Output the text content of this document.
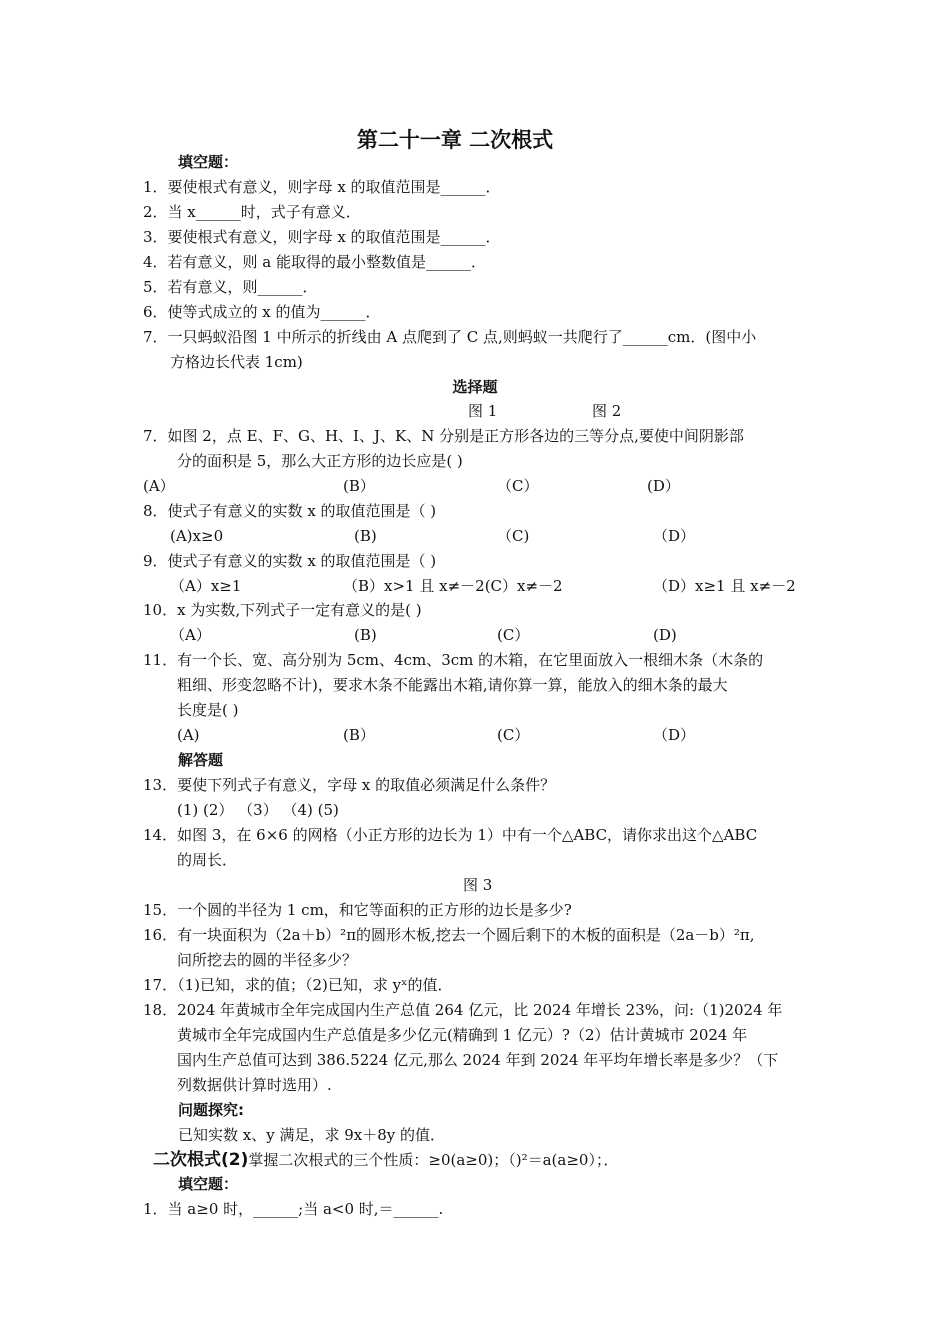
第二十一章 二次根式
填空题：
1．要使根式有意义，则字母 x 的取值范围是______．
2．当 x______时，式子有意义．
3．要使根式有意义，则字母 x 的取值范围是______．
4．若有意义，则 a 能取得的最小整数值是______．
5．若有意义，则______．
6．使等式成立的 x 的值为______．
7．一只蚂蚁沿图 1 中所示的折线由 A 点爬到了 C 点,则蚂蚁一共爬行了______cm．(图中小
方格边长代表 1cm)
选择题
图 1	图 2
7．如图 2，点 E、F、G、H、I、J、K、N 分别是正方形各边的三等分点,要使中间阴影部
分的面积是 5，那么大正方形的边长应是( )
(A）	(B）	（C）	(D）
8．使式子有意义的实数 x 的取值范围是（ )
(A)x≥0	(B)	（C)	（D）
9．使式子有意义的实数 x 的取值范围是（ )
（A）x≥1	（B）x>1 且 x≠－2(C）x≠－2	（D）x≥1 且 x≠－2
10．x 为实数,下列式子一定有意义的是( )
（A）	(B)	(C）	(D)
11．有一个长、宽、高分别为 5cm、4cm、3cm 的木箱，在它里面放入一根细木条（木条的
粗细、形变忽略不计)，要求木条不能露出木箱,请你算一算，能放入的细木条的最大
长度是( )
(A)	(B）	(C）	（D）
解答题
13．要使下列式子有意义，字母 x 的取值必须满足什么条件？
(1) (2） （3） （4) (5)
14．如图 3，在 6×6 的网格（小正方形的边长为 1）中有一个△ABC，请你求出这个△ABC
的周长．
图 3
15．一个圆的半径为 1 cm，和它等面积的正方形的边长是多少?
16．有一块面积为（2a＋b）²π的圆形木板,挖去一个圆后剩下的木板的面积是（2a－b）²π,
问所挖去的圆的半径多少？
17．（1)已知，求的值；（2)已知，求 yˣ的值．
18．2024 年黄城市全年完成国内生产总值 264 亿元，比 2024 年增长 23%，问:（1)2024 年
黄城市全年完成国内生产总值是多少亿元(精确到 1 亿元）?（2）估计黄城市 2024 年
国内生产总值可达到 386.5224 亿元,那么 2024 年到 2024 年平均年增长率是多少？（下
列数据供计算时选用）.
问题探究:
已知实数 x、y 满足，求 9x＋8y 的值．
二次根式(2)掌握二次根式的三个性质：≥0(a≥0)；（)²＝a(a≥0）；．
填空题：
1．当 a≥0 时，______;当 a<0 时,＝______.
